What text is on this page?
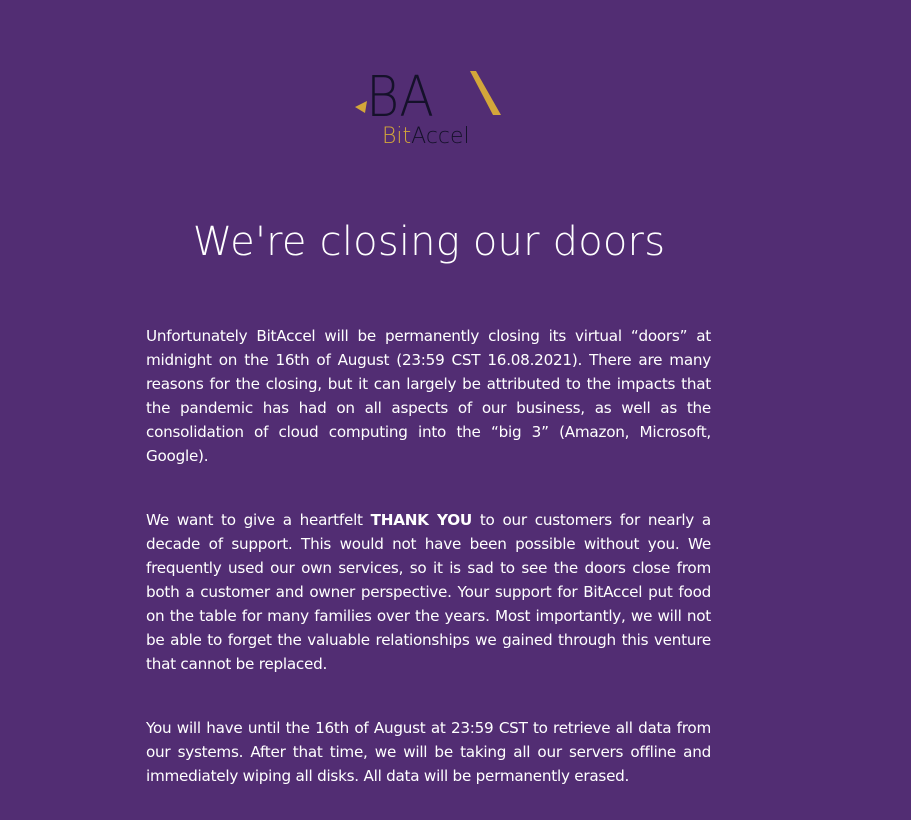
BA
BitAccel
We're closing our doors

Unfortunately BitAccel will be permanently closing its virtual “doors” at midnight on the 16th of August (23:59 CST 16.08.2021). There are many reasons for the closing, but it can largely be attributed to the impacts that the pandemic has had on all aspects of our business, as well as the consolidation of cloud computing into the “big 3” (Amazon, Microsoft, Google).

We want to give a heartfelt THANK YOU to our customers for nearly a decade of support. This would not have been possible without you. We frequently used our own services, so it is sad to see the doors close from both a customer and owner perspective. Your support for BitAccel put food on the table for many families over the years. Most importantly, we will not be able to forget the valuable relationships we gained through this venture that cannot be replaced.

You will have until the 16th of August at 23:59 CST to retrieve all data from our systems. After that time, we will be taking all our servers offline and immediately wiping all disks. All data will be permanently erased.
